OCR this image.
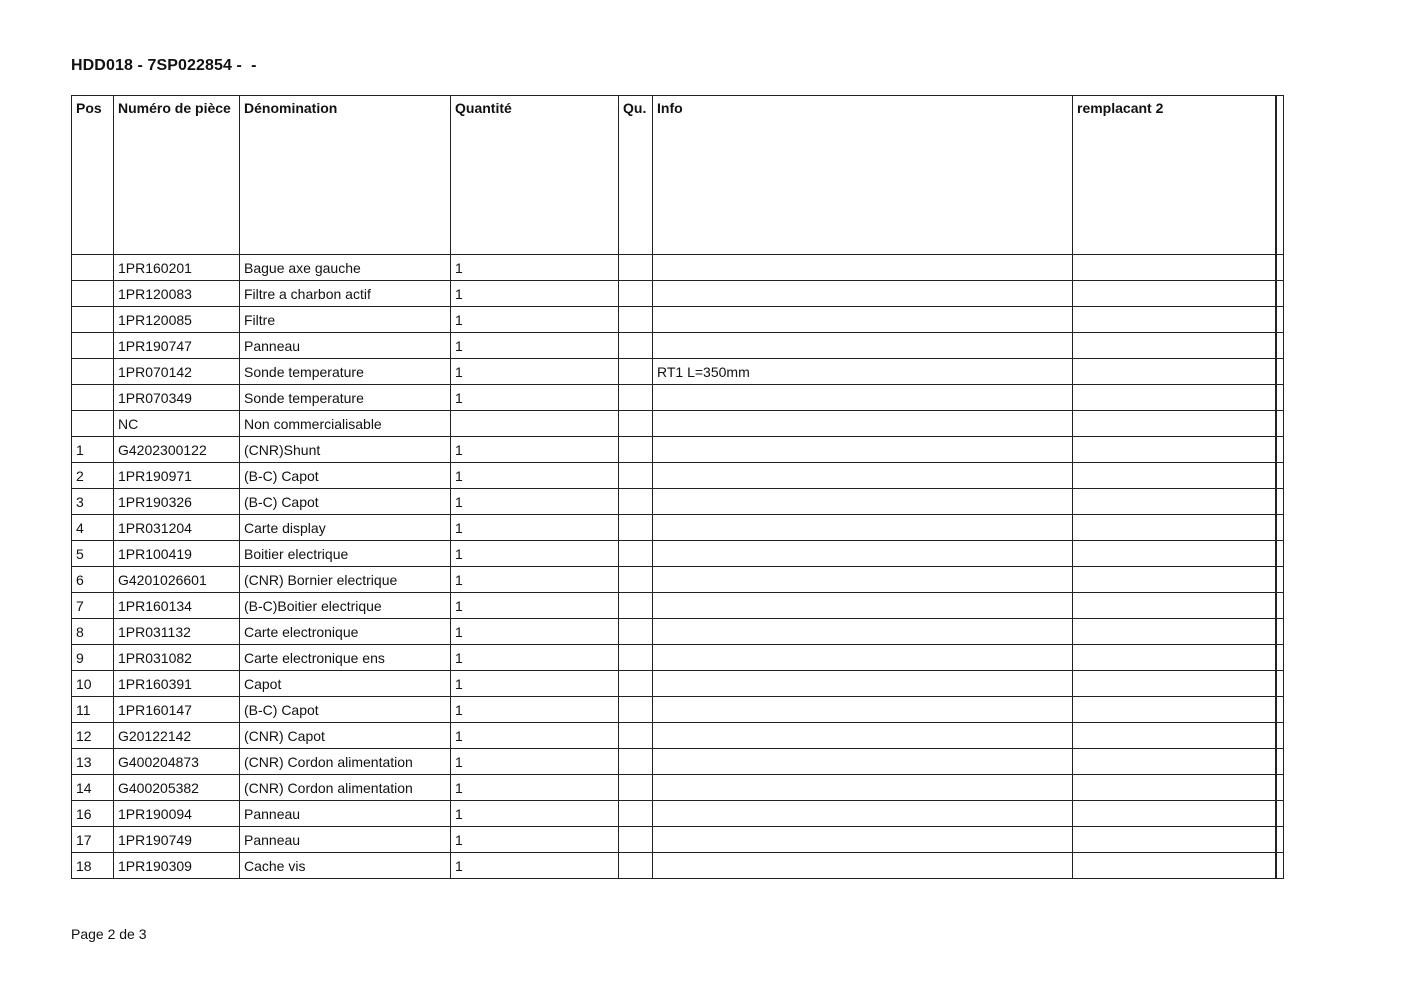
HDD018 - 7SP022854 -  -
Pos	Numéro de pièce	Dénomination	Quantité	Qu.	Info	remplacant 2	
	1PR160201	Bague axe gauche	1				
	1PR120083	Filtre a charbon actif	1				
	1PR120085	Filtre	1				
	1PR190747	Panneau	1				
	1PR070142	Sonde temperature	1		RT1 L=350mm		
	1PR070349	Sonde temperature	1				
	NC	Non commercialisable					
1	G4202300122	(CNR)Shunt	1				
2	1PR190971	(B-C) Capot	1				
3	1PR190326	(B-C) Capot	1				
4	1PR031204	Carte display	1				
5	1PR100419	Boitier electrique	1				
6	G4201026601	(CNR) Bornier electrique	1				
7	1PR160134	(B-C)Boitier electrique	1				
8	1PR031132	Carte electronique	1				
9	1PR031082	Carte electronique ens	1				
10	1PR160391	Capot	1				
11	1PR160147	(B-C) Capot	1				
12	G20122142	(CNR) Capot	1				
13	G400204873	(CNR) Cordon alimentation	1				
14	G400205382	(CNR) Cordon alimentation	1				
16	1PR190094	Panneau	1				
17	1PR190749	Panneau	1				
18	1PR190309	Cache vis	1				
Page 2 de 3
